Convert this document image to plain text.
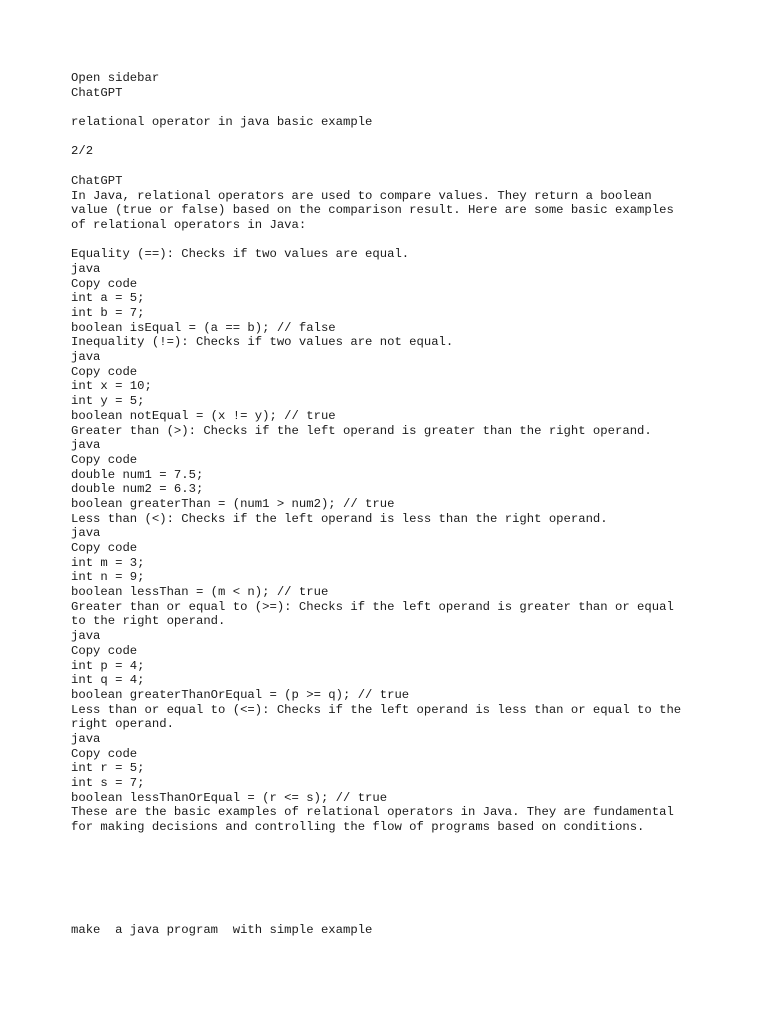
Open sidebar
ChatGPT
relational operator in java basic example
2/2
ChatGPT
In Java, relational operators are used to compare values. They return a boolean
value (true or false) based on the comparison result. Here are some basic examples
of relational operators in Java:
Equality (==): Checks if two values are equal.
java
Copy code
int a = 5;
int b = 7;
boolean isEqual = (a == b); // false
Inequality (!=): Checks if two values are not equal.
java
Copy code
int x = 10;
int y = 5;
boolean notEqual = (x != y); // true
Greater than (>): Checks if the left operand is greater than the right operand.
java
Copy code
double num1 = 7.5;
double num2 = 6.3;
boolean greaterThan = (num1 > num2); // true
Less than (<): Checks if the left operand is less than the right operand.
java
Copy code
int m = 3;
int n = 9;
boolean lessThan = (m < n); // true
Greater than or equal to (>=): Checks if the left operand is greater than or equal
to the right operand.
java
Copy code
int p = 4;
int q = 4;
boolean greaterThanOrEqual = (p >= q); // true
Less than or equal to (<=): Checks if the left operand is less than or equal to the
right operand.
java
Copy code
int r = 5;
int s = 7;
boolean lessThanOrEqual = (r <= s); // true
These are the basic examples of relational operators in Java. They are fundamental
for making decisions and controlling the flow of programs based on conditions.
make  a java program  with simple example
